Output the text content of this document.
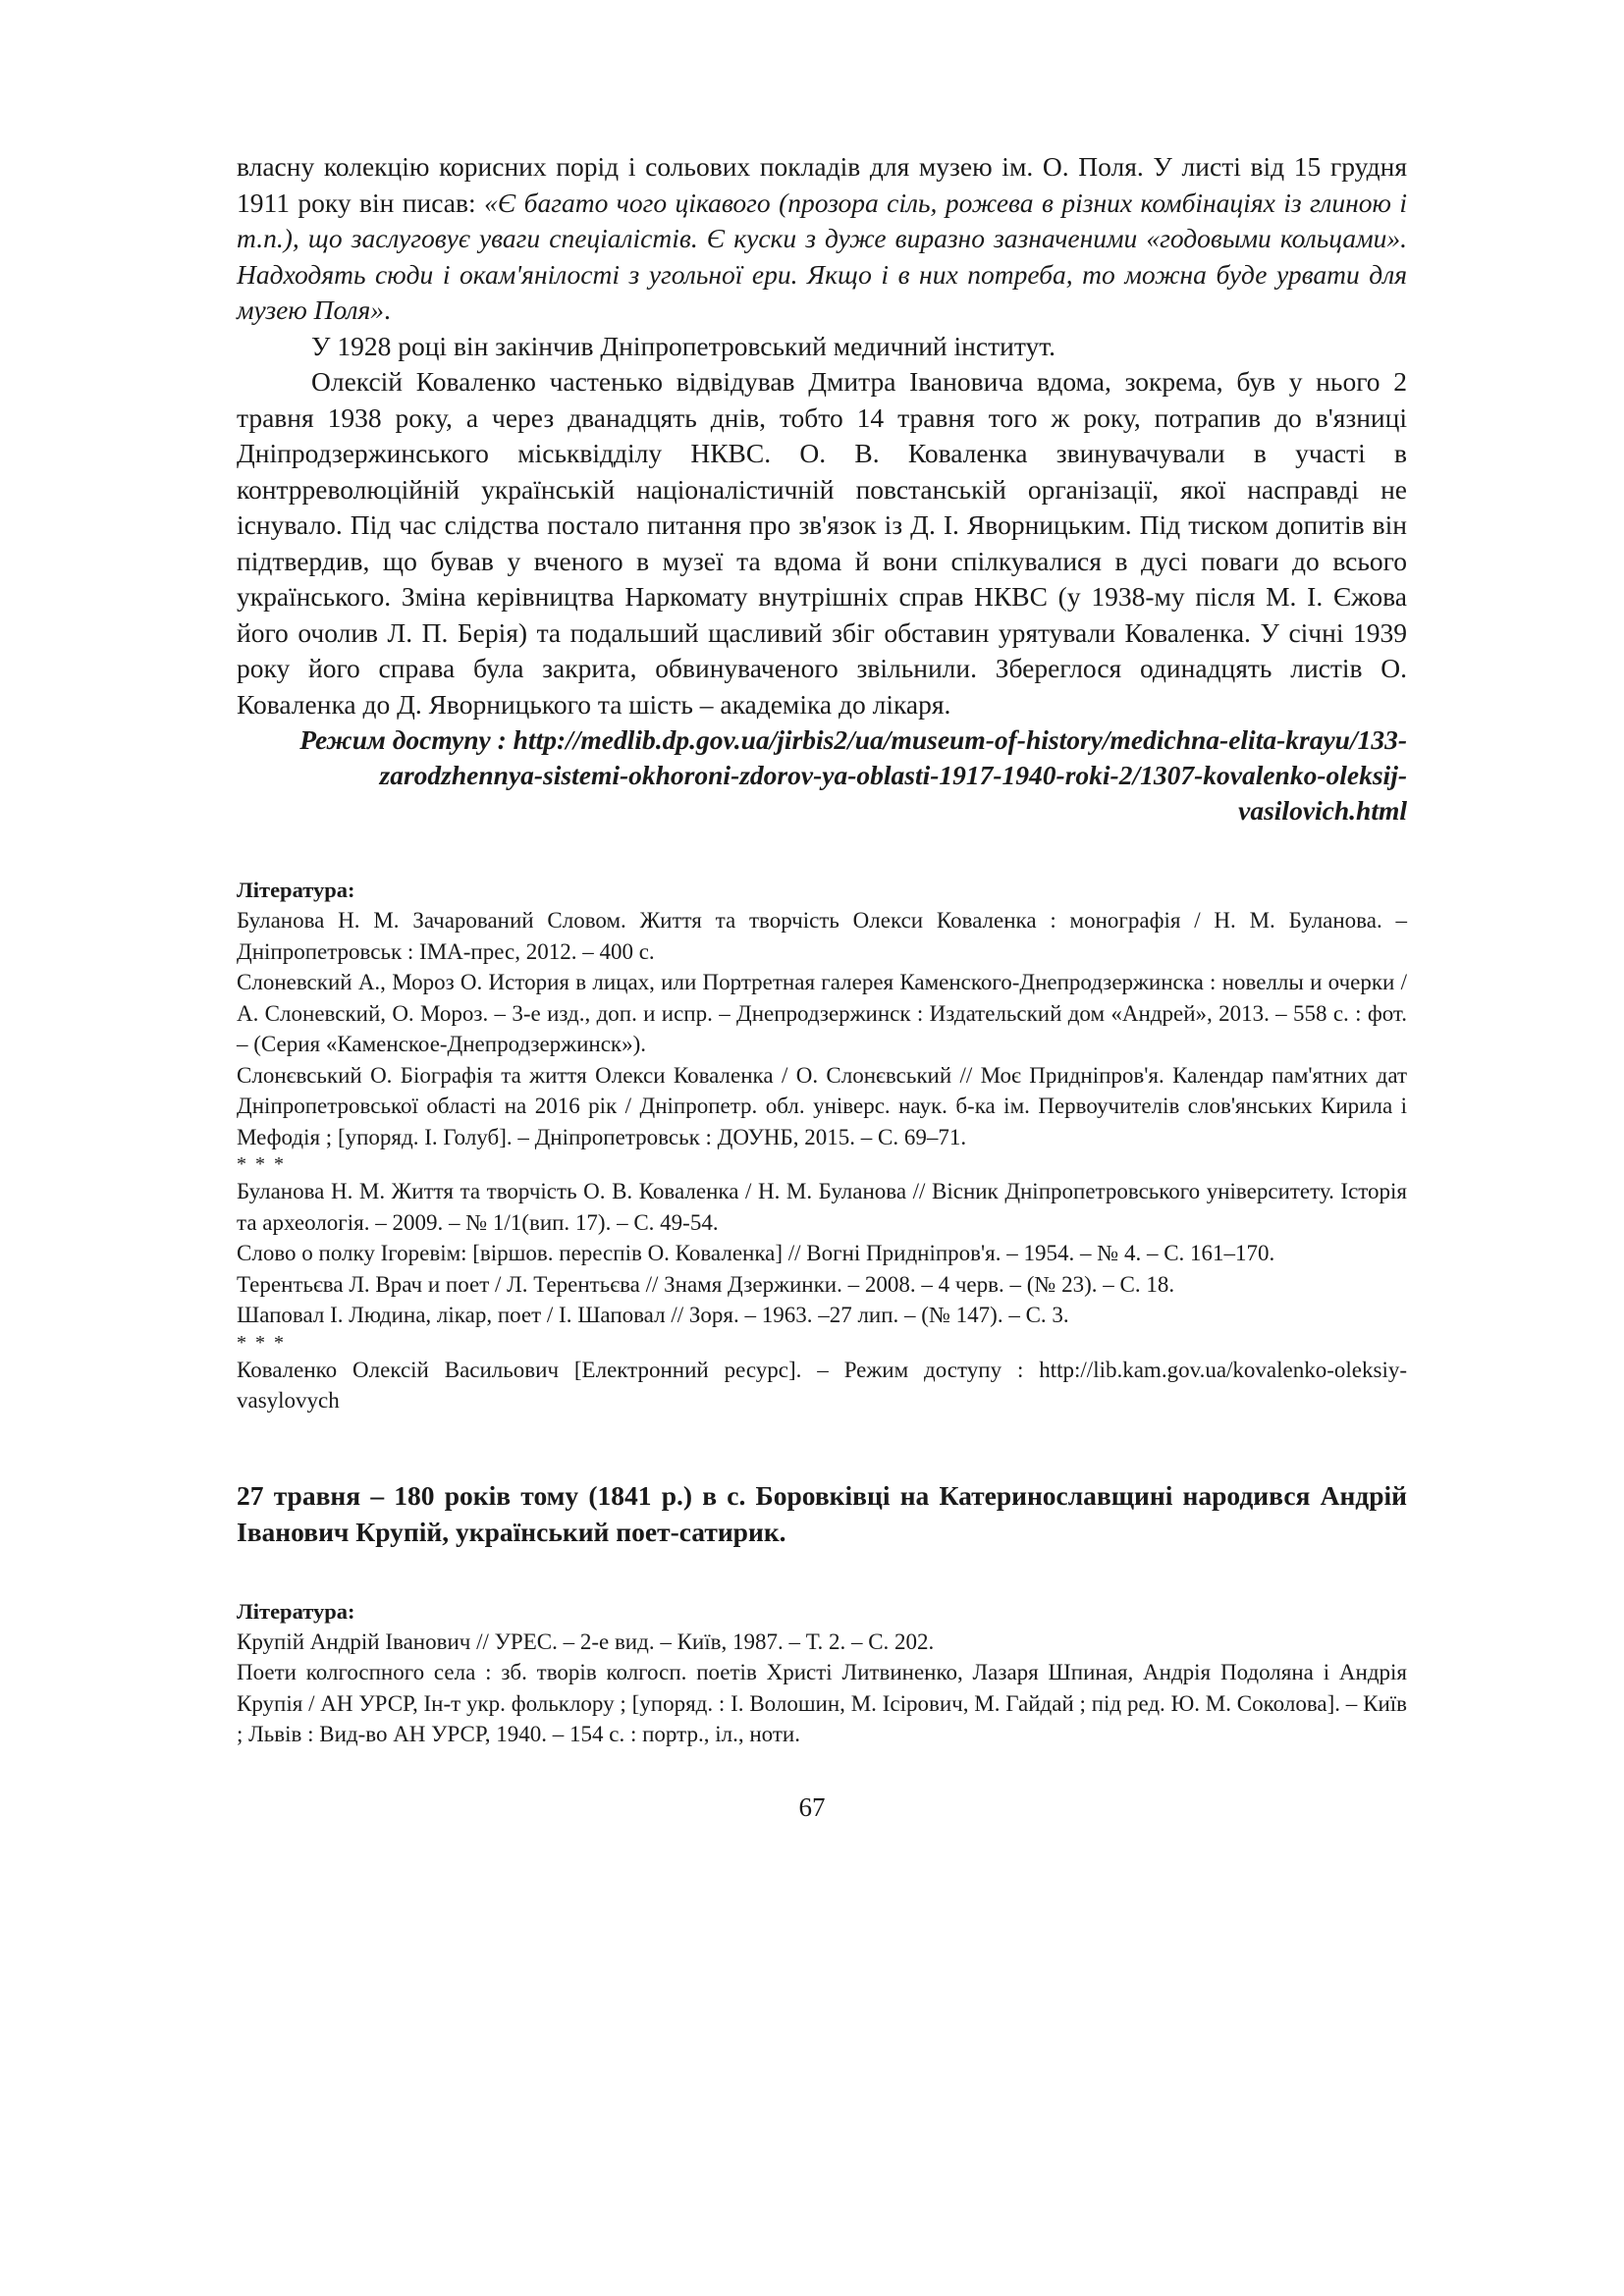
власну колекцію корисних порід і сольових покладів для музею ім. О. Поля. У листі від 15 грудня 1911 року він писав: «Є багато чого цікавого (прозора сіль, рожева в різних комбінаціях із глиною і т.п.), що заслуговує уваги спеціалістів. Є куски з дуже виразно зазначеними «годовыми кольцами». Надходять сюди і окам'янілості з угольної ери. Якщо і в них потреба, то можна буде урвати для музею Поля».

У 1928 році він закінчив Дніпропетровський медичний інститут.

Олексій Коваленко частенько відвідував Дмитра Івановича вдома, зокрема, був у нього 2 травня 1938 року, а через дванадцять днів, тобто 14 травня того ж року, потрапив до в'язниці Дніпродзержинського міськвідділу НКВС. О. В. Коваленка звинувачували в участі в контрреволюційній українській націоналістичній повстанській організації, якої насправді не існувало. Під час слідства постало питання про зв'язок із Д. І. Яворницьким. Під тиском допитів він підтвердив, що бував у вченого в музеї та вдома й вони спілкувалися в дусі поваги до всього українського. Зміна керівництва Наркомату внутрішніх справ НКВС (у 1938-му після М. І. Єжова його очолив Л. П. Берія) та подальший щасливий збіг обставин урятували Коваленка. У січні 1939 року його справа була закрита, обвинуваченого звільнили. Збереглося одинадцять листів О. Коваленка до Д. Яворницького та шість – академіка до лікаря.

Режим доступу : http://medlib.dp.gov.ua/jirbis2/ua/museum-of-history/medichna-elita-krayu/133-zarodzhennya-sistemi-okhoroni-zdorov-ya-oblasti-1917-1940-roki-2/1307-kovalenko-oleksij-vasilovich.html

Література:

Буланова Н. М. Зачарований Словом. Життя та творчість Олекси Коваленка : монографія / Н. М. Буланова. – Дніпропетровськ : ІМА-прес, 2012. – 400 с.

Слоневский А., Мороз О. История в лицах, или Портретная галерея Каменского-Днепродзержинска : новеллы и очерки / А. Слоневский, О. Мороз. – 3-е изд., доп. и испр. – Днепродзержинск : Издательский дом «Андрей», 2013. – 558 с. : фот. – (Серия «Каменское-Днепродзержинск»).

Слонєвський О. Біографія та життя Олекси Коваленка / О. Слонєвський // Моє Придніпров'я. Календар пам'ятних дат Дніпропетровської області на 2016 рік / Дніпропетр. обл. універс. наук. б-ка ім. Первоучителів слов'янських Кирила і Мефодія ; [упоряд. І. Голуб]. – Дніпропетровськ : ДОУНБ, 2015. – С. 69–71.

* * *

Буланова Н. М. Життя та творчість О. В. Коваленка / Н. М. Буланова // Вісник Дніпропетровського університету. Історія та археологія. – 2009. – № 1/1(вип. 17). – С. 49-54.

Слово о полку Ігоревім: [віршов. переспів О. Коваленка] // Вогні Придніпров'я. – 1954. – № 4. – С. 161–170.

Терентьєва Л. Врач и поет / Л. Терентьєва // Знамя Дзержинки. – 2008. – 4 черв. – (№ 23). – С. 18.

Шаповал І. Людина, лікар, поет / І. Шаповал // Зоря. – 1963. –27 лип. – (№ 147). – С. 3.

* * *

Коваленко Олексій Васильович [Електронний ресурс]. – Режим доступу : http://lib.kam.gov.ua/kovalenko-oleksiy-vasylovych

27 травня – 180 років тому (1841 р.) в с. Боровківці на Катеринославщині народився Андрій Іванович Крупій, український поет-сатирик.

Література:

Крупій Андрій Іванович // УРЕС. – 2-е вид. – Київ, 1987. – Т. 2. – С. 202.

Поети колгоспного села : зб. творів колгосп. поетів Христі Литвиненко, Лазаря Шпиная, Андрія Подоляна і Андрія Крупія / АН УРСР, Ін-т укр. фольклору ; [упоряд. : І. Волошин, М. Ісірович, М. Гайдай ; під ред. Ю. М. Соколова]. – Київ ; Львів : Вид-во АН УРСР, 1940. – 154 с. : портр., іл., ноти.

67
